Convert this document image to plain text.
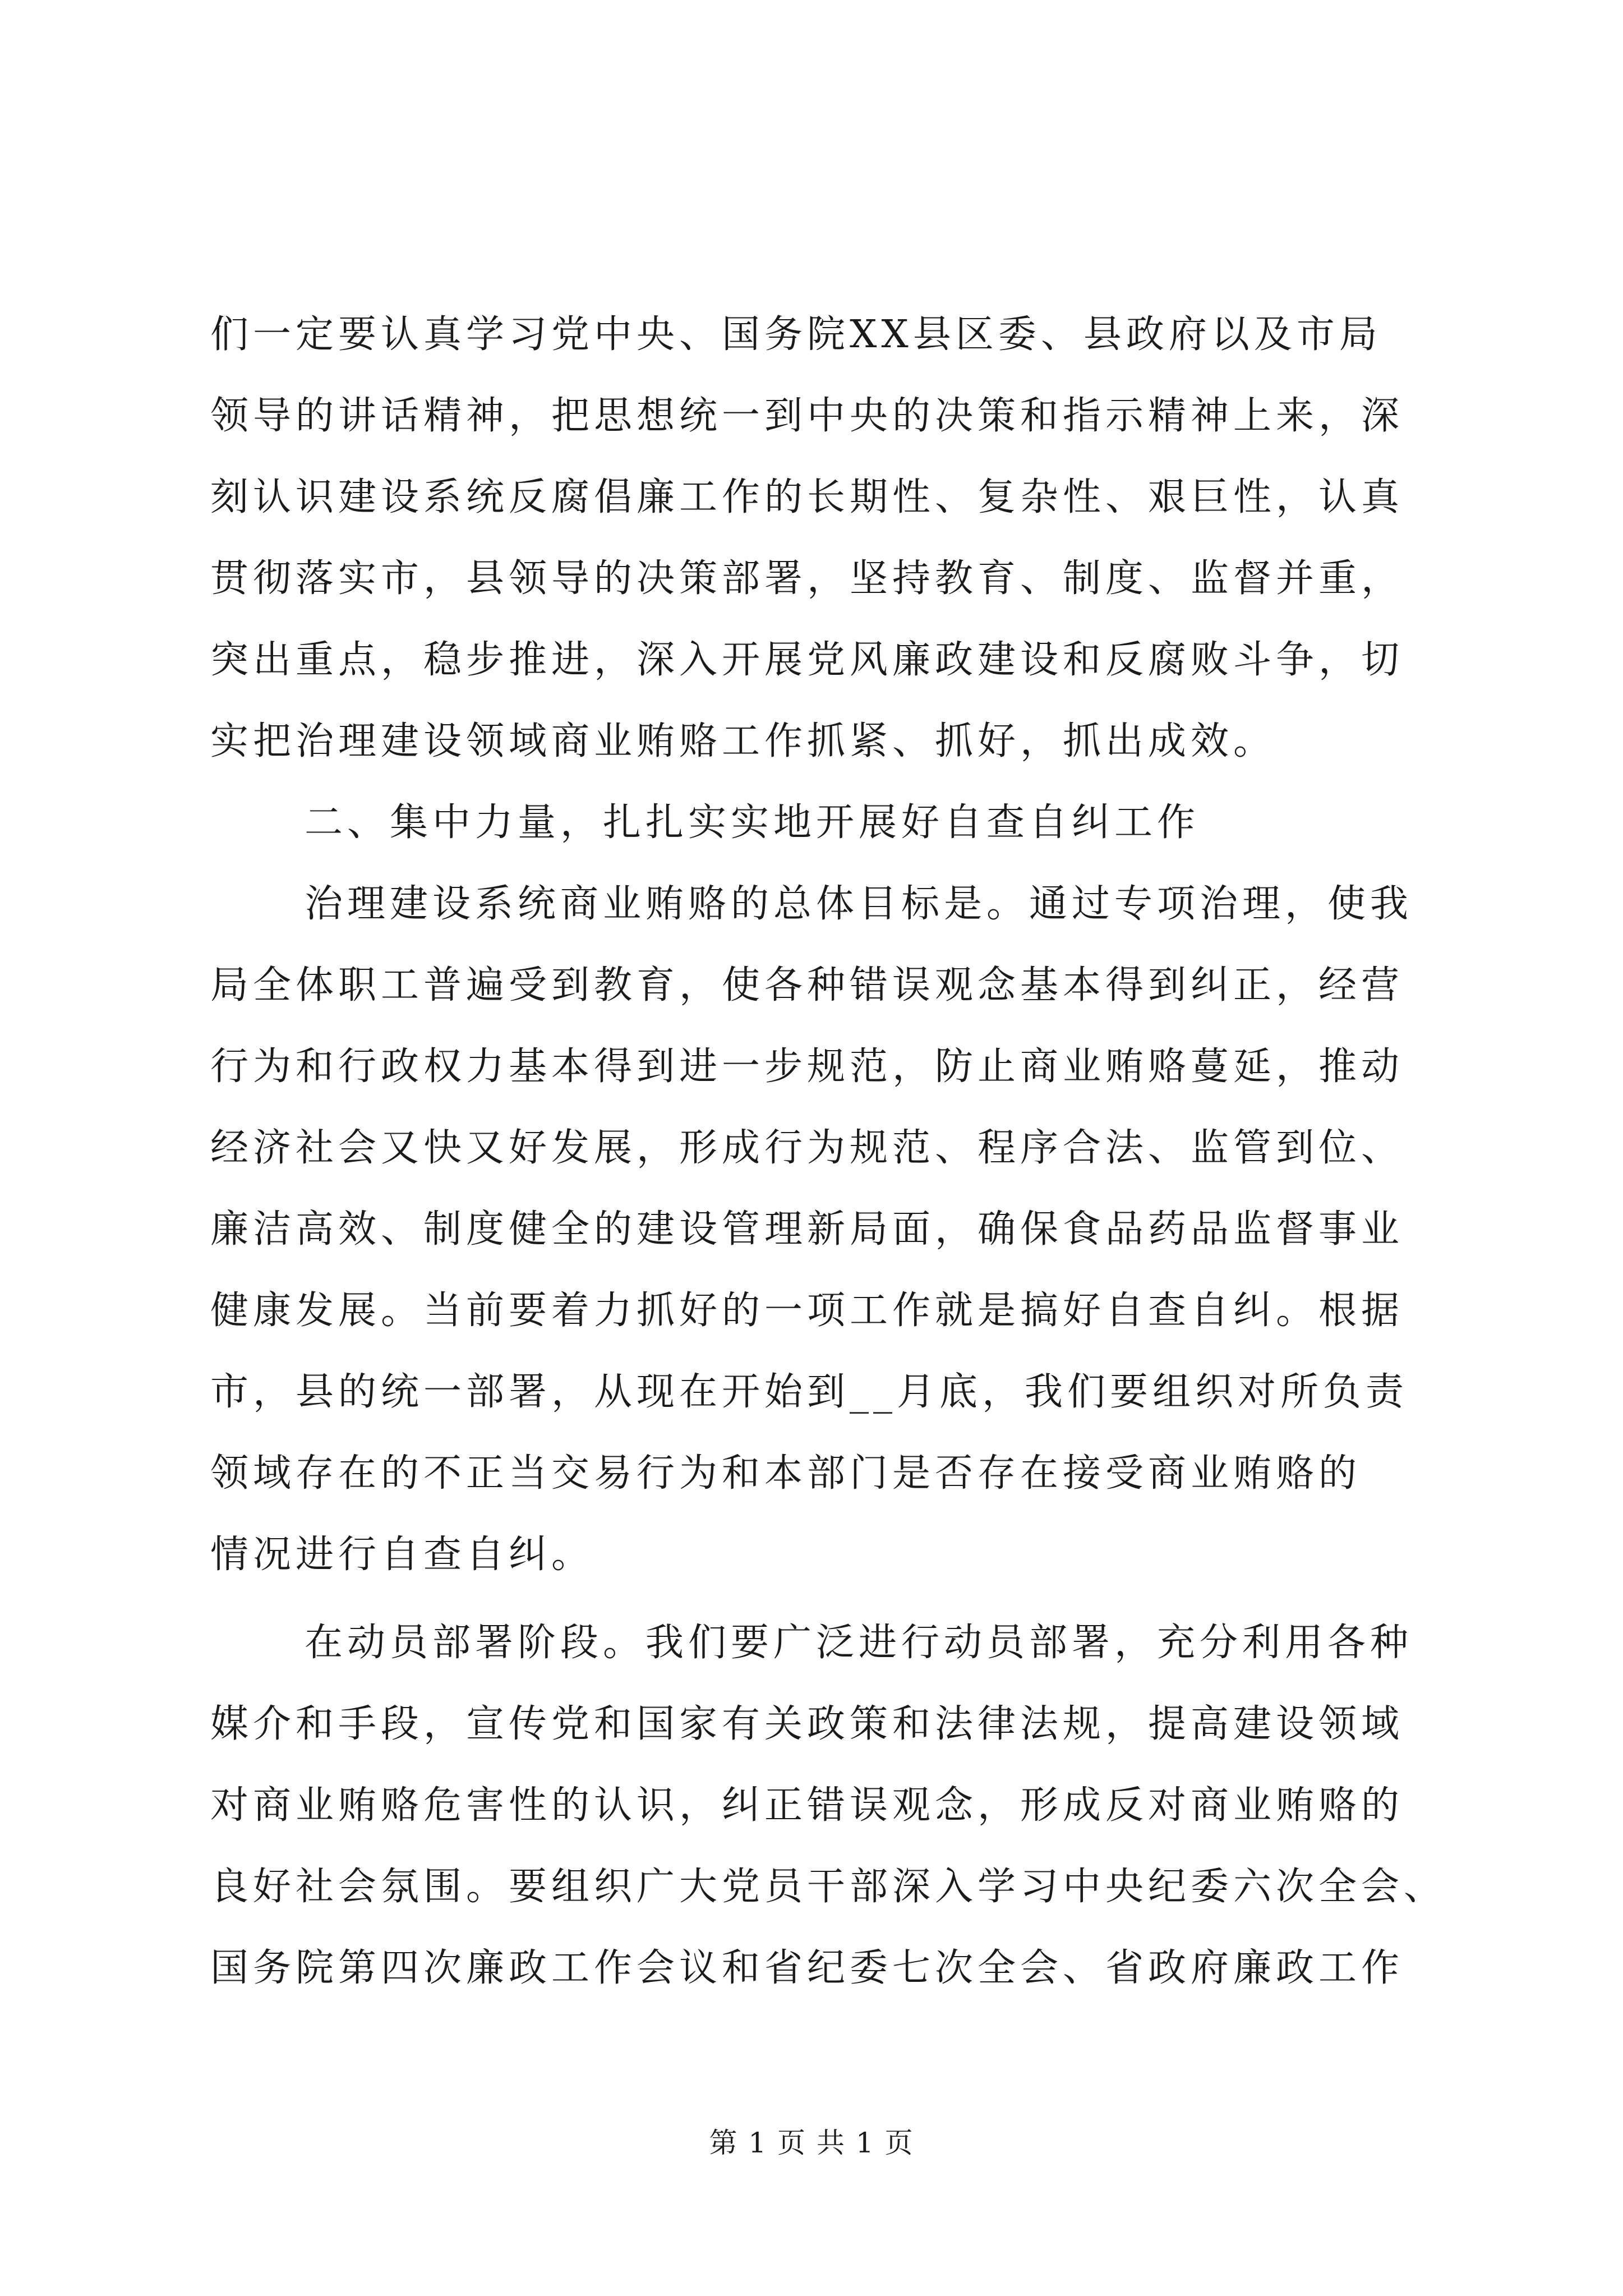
们一定要认真学习党中央、国务院XX县区委、县政府以及市局
领导的讲话精神，把思想统一到中央的决策和指示精神上来，深
刻认识建设系统反腐倡廉工作的长期性、复杂性、艰巨性，认真
贯彻落实市，县领导的决策部署，坚持教育、制度、监督并重，
突出重点，稳步推进，深入开展党风廉政建设和反腐败斗争，切
实把治理建设领域商业贿赂工作抓紧、抓好，抓出成效。
二、集中力量，扎扎实实地开展好自查自纠工作
治理建设系统商业贿赂的总体目标是。通过专项治理，使我
局全体职工普遍受到教育，使各种错误观念基本得到纠正，经营
行为和行政权力基本得到进一步规范，防止商业贿赂蔓延，推动
经济社会又快又好发展，形成行为规范、程序合法、监管到位、
廉洁高效、制度健全的建设管理新局面，确保食品药品监督事业
健康发展。当前要着力抓好的一项工作就是搞好自查自纠。根据
市，县的统一部署，从现在开始到__月底，我们要组织对所负责
领域存在的不正当交易行为和本部门是否存在接受商业贿赂的
情况进行自查自纠。
在动员部署阶段。我们要广泛进行动员部署，充分利用各种
媒介和手段，宣传党和国家有关政策和法律法规，提高建设领域
对商业贿赂危害性的认识，纠正错误观念，形成反对商业贿赂的
良好社会氛围。要组织广大党员干部深入学习中央纪委六次全会、
国务院第四次廉政工作会议和省纪委七次全会、省政府廉政工作
第 1 页 共 1 页
